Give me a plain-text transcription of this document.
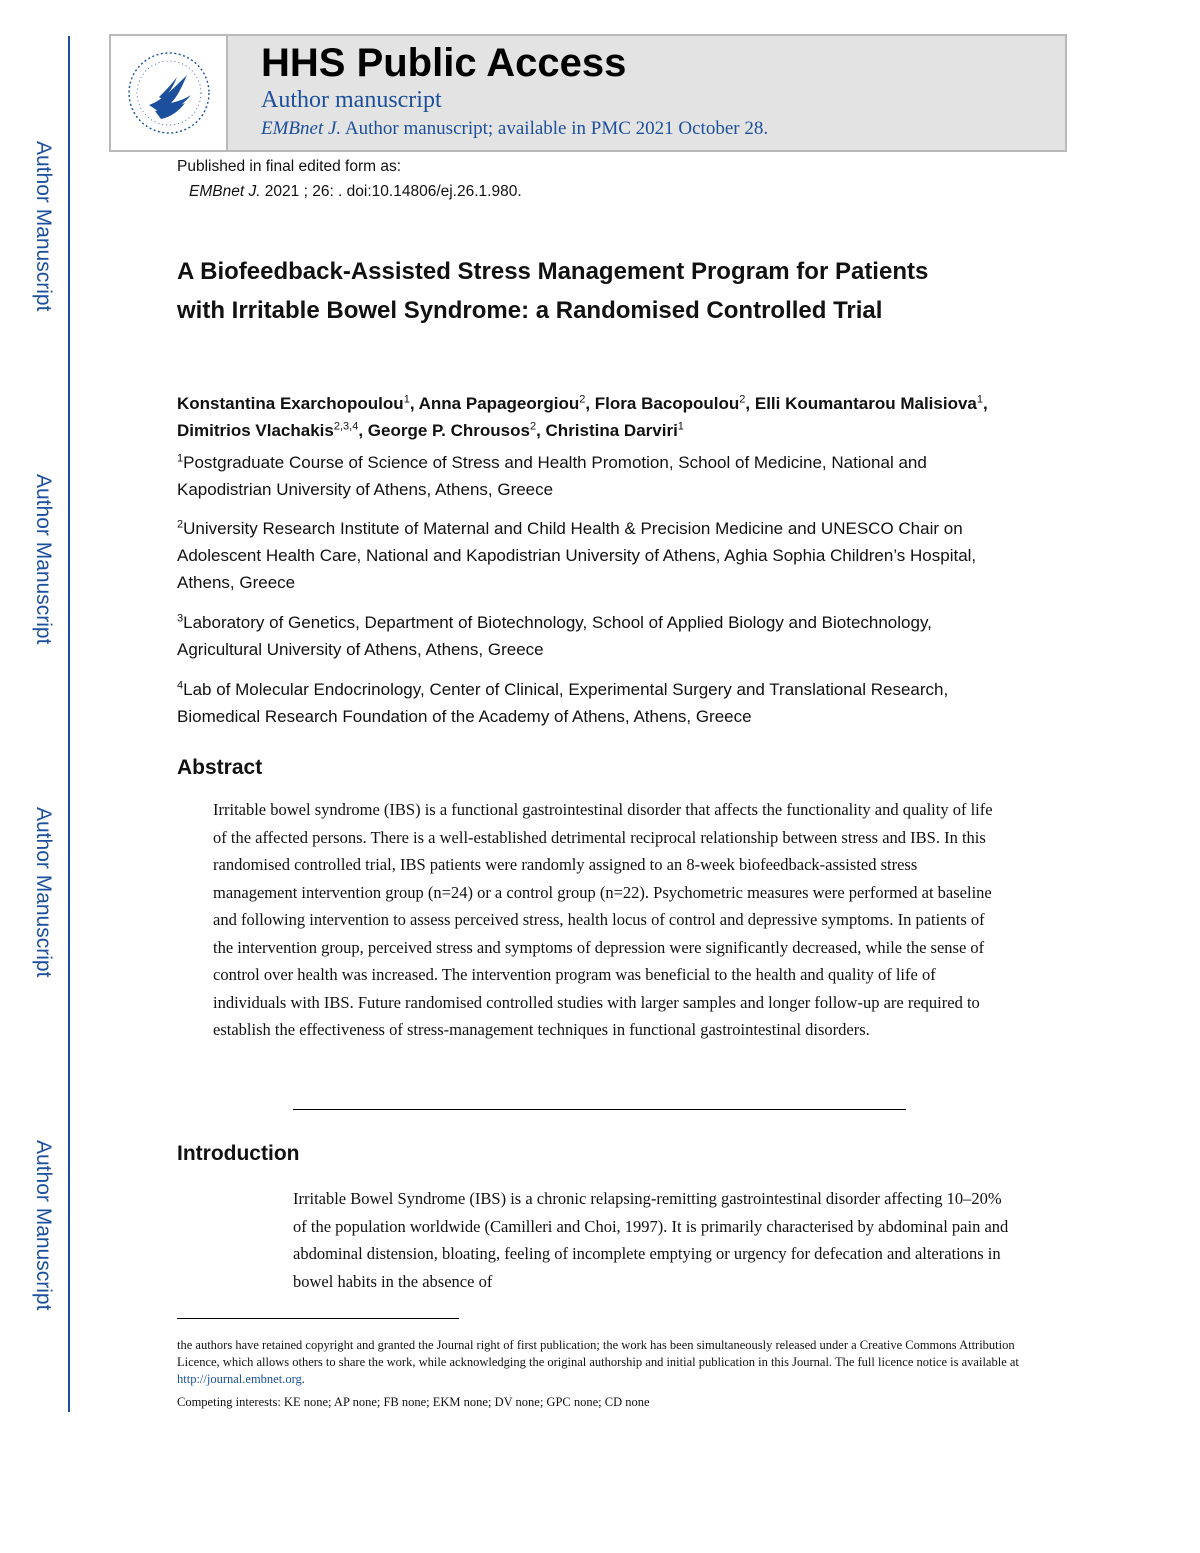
Author Manuscript
Author Manuscript
Author Manuscript
Author Manuscript
HHS Public Access
Author manuscript
EMBnet J. Author manuscript; available in PMC 2021 October 28.
Published in final edited form as:
EMBnet J. 2021 ; 26: . doi:10.14806/ej.26.1.980.
A Biofeedback-Assisted Stress Management Program for Patients with Irritable Bowel Syndrome: a Randomised Controlled Trial
Konstantina Exarchopoulou$^1$, Anna Papageorgiou$^2$, Flora Bacopoulou$^2$, Elli Koumantarou Malisiova$^1$, Dimitrios Vlachakis$^{2,3,4}$, George P. Chrousos$^2$, Christina Darviri$^1$
$^1$Postgraduate Course of Science of Stress and Health Promotion, School of Medicine, National and Kapodistrian University of Athens, Athens, Greece
$^2$University Research Institute of Maternal and Child Health & Precision Medicine and UNESCO Chair on Adolescent Health Care, National and Kapodistrian University of Athens, Aghia Sophia Children’s Hospital, Athens, Greece
$^3$Laboratory of Genetics, Department of Biotechnology, School of Applied Biology and Biotechnology, Agricultural University of Athens, Athens, Greece
$^4$Lab of Molecular Endocrinology, Center of Clinical, Experimental Surgery and Translational Research, Biomedical Research Foundation of the Academy of Athens, Athens, Greece
Abstract
Irritable bowel syndrome (IBS) is a functional gastrointestinal disorder that affects the functionality and quality of life of the affected persons. There is a well-established detrimental reciprocal relationship between stress and IBS. In this randomised controlled trial, IBS patients were randomly assigned to an 8-week biofeedback-assisted stress management intervention group (n=24) or a control group (n=22). Psychometric measures were performed at baseline and following intervention to assess perceived stress, health locus of control and depressive symptoms. In patients of the intervention group, perceived stress and symptoms of depression were significantly decreased, while the sense of control over health was increased. The intervention program was beneficial to the health and quality of life of individuals with IBS. Future randomised controlled studies with larger samples and longer follow-up are required to establish the effectiveness of stress-management techniques in functional gastrointestinal disorders.
Introduction
Irritable Bowel Syndrome (IBS) is a chronic relapsing-remitting gastrointestinal disorder affecting 10–20% of the population worldwide (Camilleri and Choi, 1997). It is primarily characterised by abdominal pain and abdominal distension, bloating, feeling of incomplete emptying or urgency for defecation and alterations in bowel habits in the absence of
the authors have retained copyright and granted the Journal right of first publication; the work has been simultaneously released under a Creative Commons Attribution Licence, which allows others to share the work, while acknowledging the original authorship and initial publication in this Journal. The full licence notice is available at http://journal.embnet.org.
Competing interests: KE none; AP none; FB none; EKM none; DV none; GPC none; CD none
